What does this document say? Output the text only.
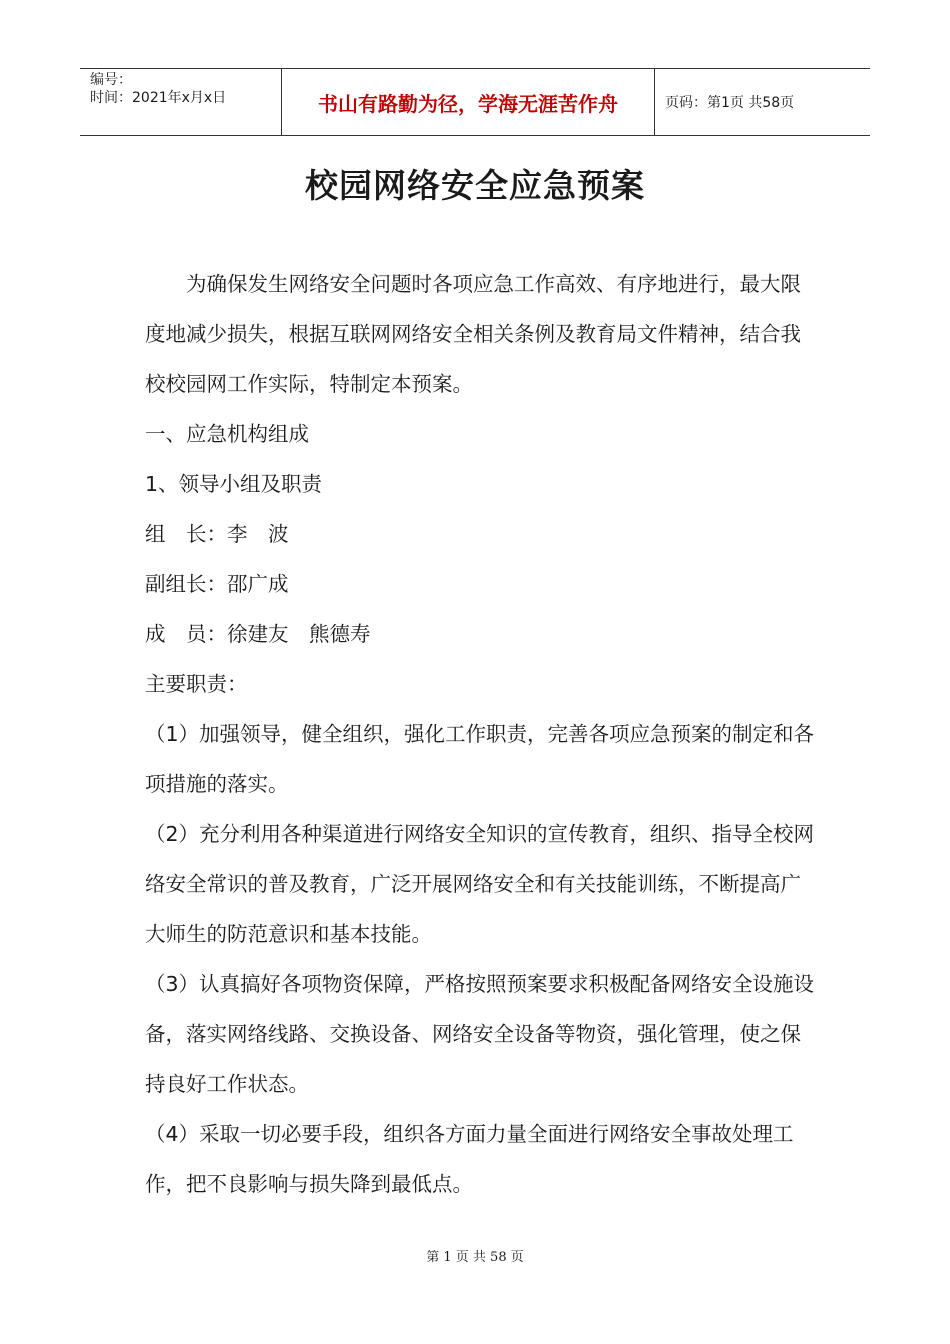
编号：
时间：2021年x月x日	书山有路勤为径，学海无涯苦作舟	页码：第1页 共58页
校园网络安全应急预案

为确保发生网络安全问题时各项应急工作高效、有序地进行，最大限度地减少损失，根据互联网网络安全相关条例及教育局文件精神，结合我校校园网工作实际，特制定本预案。

一、应急机构组成

1、领导小组及职责

组　长：李　波

副组长：邵广成

成　员：徐建友　熊德寿

主要职责：

（1）加强领导，健全组织，强化工作职责，完善各项应急预案的制定和各项措施的落实。

（2）充分利用各种渠道进行网络安全知识的宣传教育，组织、指导全校网络安全常识的普及教育，广泛开展网络安全和有关技能训练，不断提高广大师生的防范意识和基本技能。

（3）认真搞好各项物资保障，严格按照预案要求积极配备网络安全设施设备，落实网络线路、交换设备、网络安全设备等物资，强化管理，使之保持良好工作状态。

（4）采取一切必要手段，组织各方面力量全面进行网络安全事故处理工作，把不良影响与损失降到最低点。

第 1 页 共 58 页
